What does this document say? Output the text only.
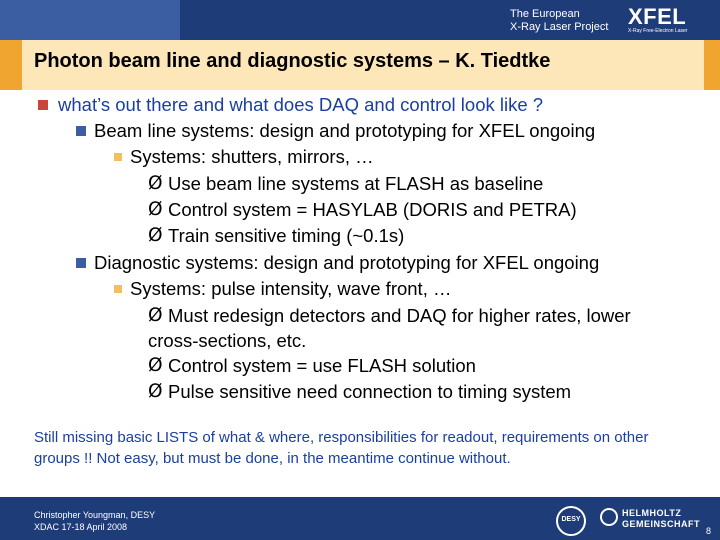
The European
X-Ray Laser Project XFEL
X-Ray Free-Electron Laser
Photon beam line and diagnostic systems – K. Tiedtke
what’s out there and what does DAQ and control look like ?
Beam line systems: design and prototyping for XFEL ongoing
Systems: shutters, mirrors, …
Ø Use beam line systems at FLASH as baseline
Ø Control system = HASYLAB (DORIS and PETRA)
Ø Train sensitive timing (~0.1s)
Diagnostic systems: design and prototyping for XFEL ongoing
Systems: pulse intensity, wave front, …
Ø Must redesign detectors and DAQ for higher rates, lower
cross-sections, etc.
Ø Control system = use FLASH solution
Ø Pulse sensitive need connection to timing system
Still missing basic LISTS of what & where, responsibilities for readout, requirements on other groups !! Not easy, but must be done, in the meantime continue without.
Christopher Youngman, DESY
XDAC 17-18 April 2008
DESY
HELMHOLTZ
GEMEINSCHAFT
8
